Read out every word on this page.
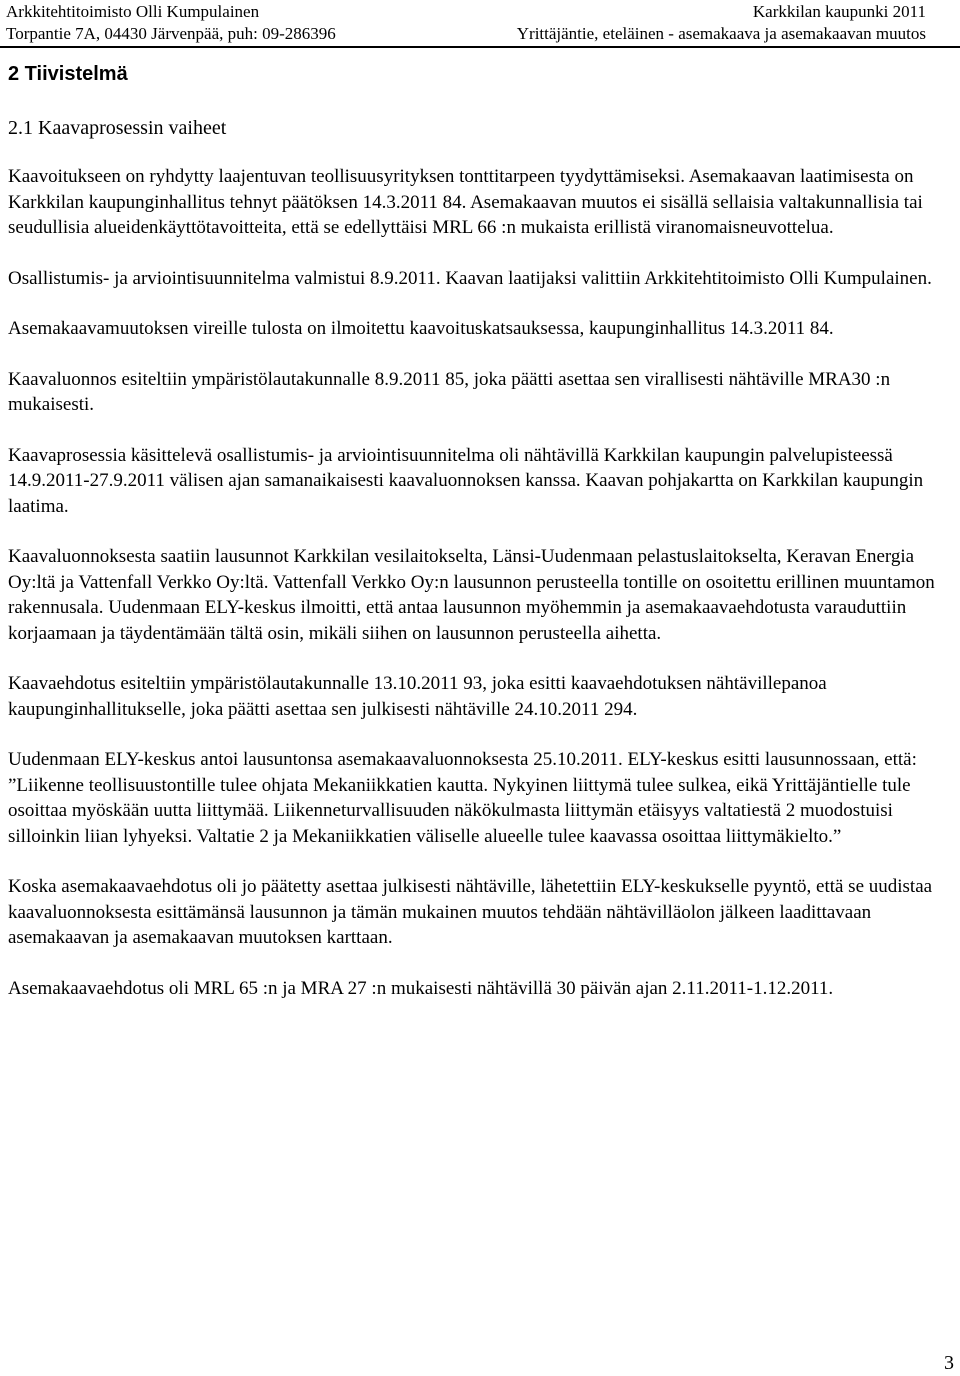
Arkkitehtitoimisto Olli Kumpulainen
Torpantie 7A, 04430 Järvenpää, puh: 09-286396
Karkkilan kaupunki 2011
Yrittäjäntie, eteläinen - asemakaava ja asemakaavan muutos
2 Tiivistelmä
2.1 Kaavaprosessin vaiheet

Kaavoitukseen on ryhdytty laajentuvan teollisuusyrityksen tonttitarpeen tyydyttämiseksi. Asemakaavan laatimisesta on Karkkilan kaupunginhallitus tehnyt päätöksen 14.3.2011 84. Asemakaavan muutos ei sisällä sellaisia valtakunnallisia tai seudullisia alueidenkäyttötavoitteita, että se edellyttäisi MRL 66 :n mukaista erillistä viranomaisneuvottelua.

Osallistumis- ja arviointisuunnitelma valmistui 8.9.2011. Kaavan laatijaksi valittiin Arkkitehtitoimisto Olli Kumpulainen.

Asemakaavamuutoksen vireille tulosta on ilmoitettu kaavoituskatsauksessa, kaupunginhallitus 14.3.2011 84.

Kaavaluonnos esiteltiin ympäristölautakunnalle 8.9.2011 85, joka päätti asettaa sen virallisesti nähtäville MRA30 :n mukaisesti.

Kaavaprosessia käsittelevä osallistumis- ja arviointisuunnitelma oli nähtävillä Karkkilan kaupungin palvelupisteessä 14.9.2011-27.9.2011 välisen ajan samanaikaisesti kaavaluonnoksen kanssa. Kaavan pohjakartta on Karkkilan kaupungin laatima.

Kaavaluonnoksesta saatiin lausunnot Karkkilan vesilaitokselta, Länsi-Uudenmaan pelastuslaitokselta, Keravan Energia Oy:ltä ja Vattenfall Verkko Oy:ltä. Vattenfall Verkko Oy:n lausunnon perusteella tontille on osoitettu erillinen muuntamon rakennusala. Uudenmaan ELY-keskus ilmoitti, että antaa lausunnon myöhemmin ja asemakaavaehdotusta varauduttiin korjaamaan ja täydentämään tältä osin, mikäli siihen on lausunnon perusteella aihetta.

Kaavaehdotus esiteltiin ympäristölautakunnalle 13.10.2011 93, joka esitti kaavaehdotuksen nähtävillepanoa kaupunginhallitukselle, joka päätti asettaa sen julkisesti nähtäville 24.10.2011 294.

Uudenmaan ELY-keskus antoi lausuntonsa asemakaavaluonnoksesta 25.10.2011. ELY-keskus esitti lausunnossaan, että: ”Liikenne teollisuustontille tulee ohjata Mekaniikkatien kautta. Nykyinen liittymä tulee sulkea, eikä Yrittäjäntielle tule osoittaa myöskään uutta liittymää. Liikenneturvallisuuden näkökulmasta liittymän etäisyys valtatiestä 2 muodostuisi silloinkin liian lyhyeksi. Valtatie 2 ja Mekaniikkatien väliselle alueelle tulee kaavassa osoittaa liittymäkielto.”

Koska asemakaavaehdotus oli jo päätetty asettaa julkisesti nähtäville, lähetettiin ELY-keskukselle pyyntö, että se uudistaa kaavaluonnoksesta esittämänsä lausunnon ja tämän mukainen muutos tehdään nähtävilläolon jälkeen laadittavaan asemakaavan ja asemakaavan muutoksen karttaan.

Asemakaavaehdotus oli MRL 65 :n ja MRA 27 :n mukaisesti nähtävillä 30 päivän ajan 2.11.2011-1.12.2011.

3
